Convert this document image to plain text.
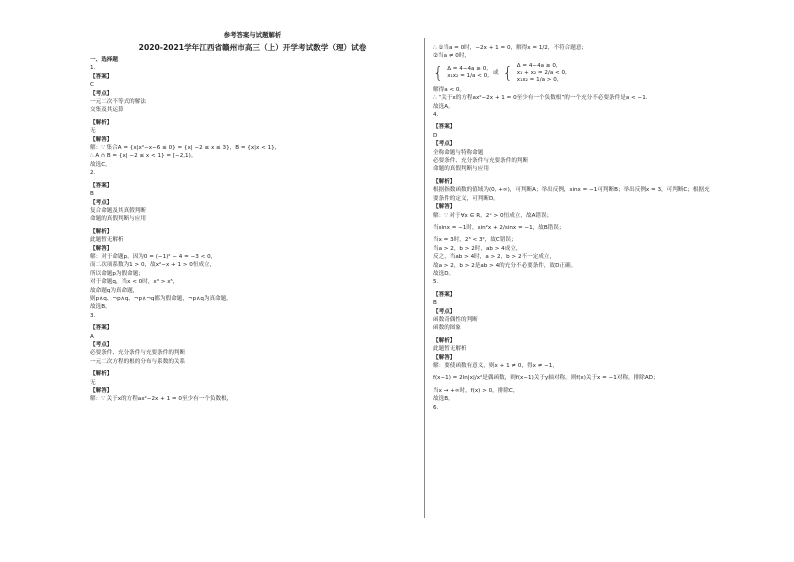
参考答案与试题解析
2020-2021学年江西省赣州市高三（上）开学考试数学（理）试卷
一、选择题
1.
【答案】
C
【考点】
一元二次不等式的解法
交集及其运算
【解析】
无
【解答】
解：∵ 集合A = {x|x²−x−6 ≤ 0} = {x| −2 ≤ x ≤ 3}，B = {x|x < 1}，
∴ A ∩ B = {x| −2 ≤ x < 1} = [−2,1)。
故选C。
2.
【答案】
B
【考点】
复合命题及其真假判断
命题的真假判断与应用
【解析】
此题暂无解析
【解答】
解：对于命题p，因为0 = (−1)² − 4 = −3 < 0，
而二次项系数为1 > 0，故x²−x + 1 > 0恒成立，
所以命题p为假命题；
对于命题q，当x < 0时，x³ > x⁵，
故命题q为真命题，
则p∧q、¬p∧q、¬p∧¬q都为假命题，¬p∧q为真命题。
故选B。
3.
【答案】
A
【考点】
必要条件、充分条件与充要条件的判断
一元二次方程的根的分布与系数的关系
【解析】
无
【解答】
解：∵ 关于x的方程ax²−2x + 1 = 0至少有一个负数根，
∴ ①当a = 0时，−2x + 1 = 0，解得x = 1/2，不符合题意；
②当a ≠ 0时，
{ Δ = 4−4a ≥ 0,
x₁x₂ = 1/a < 0,
或 { Δ = 4−4a ≥ 0,
x₁ + x₂ = 2/a < 0,
x₁x₂ = 1/a > 0,
解得a < 0。
∴ “关于x的方程ax²−2x + 1 = 0至少有一个负数根”的一个充分不必要条件是a < −1.
故选A。
4.
【答案】
D
【考点】
全称命题与特称命题
必要条件、充分条件与充要条件的判断
命题的真假判断与应用
【解析】
根据指数函数的值域为(0, +∞)，可判断A；举出反例，sinx = −1可判断B；举出反例x = 3，可判断C；根据充
要条件的定义，可判断D。
【解答】
解：∵ 对于∀x ∈ R，2ˣ > 0恒成立，故A错误；
当sinx = −1时，sin²x + 2/sinx = −1，故B错误；
当x = 3时，2³ < 3²，故C错误；
当a > 2，b > 2时，ab > 4成立，
反之，当ab > 4时，a > 2，b > 2不一定成立，
故a > 2，b > 2是ab > 4的充分不必要条件，故D正确。
故选D。
5.
【答案】
B
【考点】
函数奇偶性的判断
函数的图象
【解析】
此题暂无解析
【解答】
解：要使函数有意义，则x + 1 ≠ 0，得x ≠ −1，
f(x−1) = 2ln|x|/x²是偶函数，则f(x−1)关于y轴对称，则f(x)关于x = −1对称，排除AD；
当x → +∞时，f(x) > 0，排除C，
故选B。
6.
